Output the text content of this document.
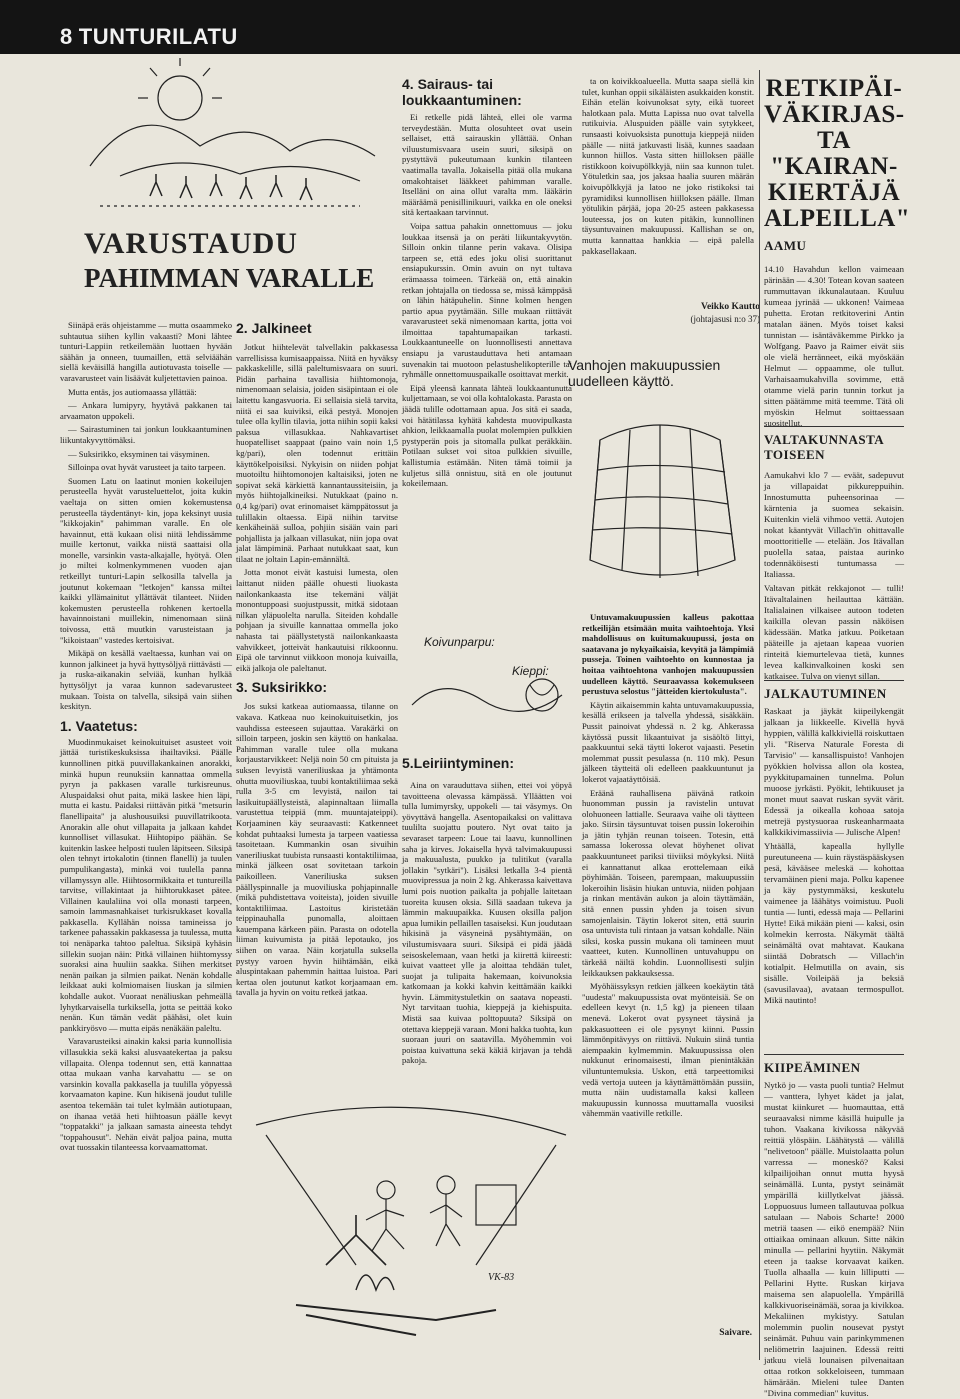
8 TUNTURILATU
VARUSTAUDU
PAHIMMAN VARALLE

Siinäpä eräs ohjeistamme — mutta osaammeko suhtautua siihen kyllin vakaasti? Moni lähtee tunturi-Lappiin retkeilemään luottaen hyvään säähän ja onneen, tuumaillen, että selviäähän siellä keväisillä hangilla autiotuvasta toiselle — varavarusteet vain lisäävät kuljetettavien painoa.

Mutta entäs, jos autiomaassa yllättää:

— Ankara lumipyry, hyytävä pakkanen tai arvaamaton uppokeli.

— Sairastuminen tai jonkun loukkaantuminen liikuntakyvyttömäksi.

— Suksirikko, eksyminen tai väsyminen.

Silloinpa ovat hyvät varusteet ja taito tarpeen.

Suomen Latu on laatinut monien kokeilujen perusteella hyvät varusteluettelot, joita kukin vaeltaja on sitten omien kokemustensa perusteella täydentänyt- kin, jopa keksinyt uusia "kikkojakin" pahimman varalle. En ole havainnut, että kukaan olisi niitä lehdissämme muille kertonut, vaikka niistä saattaisi olla monelle, varsinkin vasta-alkajalle, hyötyä. Olen jo miltei kolmenkymmenen vuoden ajan retkeillyt tunturi-Lapin selkosilla talvella ja joutunut kokemaan "letkojen" kanssa miltei kaikki yllämainitut yllättävät tilanteet. Niiden kokemusten perusteella rohkenen kertoella havainnoistani muillekin, nimenomaan siinä toivossa, että muutkin varusteistaan ja "kikoistaan" vastedes kertoisivat.

Mikäpä on kesällä vaeltaessa, kunhan vai on kunnon jalkineet ja hyvä hyttysöljyä riittävästi — ja ruska-aikanakin selviää, kunhan hylkää hyttysöljyt ja varaa kunnon sadevarusteet mukaan. Toista on talvella, siksipä vain siihen keskityn.

1. Vaatetus:

Muodinmukaiset keinokuituiset asusteet voit jättää turistikeskuksissa ihailtaviksi. Päälle kunnollinen pitkä puuvillakankainen anorakki, minkä hupun reunuksiin kannattaa ommella pyryn ja pakkasen varalle turkisreunus. Aluspaidaksi ohut paita, mikä laskee hien läpi, mutta ei kastu. Paidaksi riittävän pitkä "metsurin flanellipaita" ja alushousuiksi puuvillatrikoota. Anorakin alle ohut villapaita ja jalkaan kahdet kunnolliset villasukat. Hiihtopipo päähän. Se kuitenkin laskee helposti tuulen läpitseen. Siksipä olen tehnyt irtokalotin (tinnen flanelli) ja tuulen pumpulikangasta), minkä voi tuulella panna villamyssyn alle. Hiihtosormikkaita et tuntureilla tarvitse, villakintaat ja hiihtorukkaset pätee. Villainen kaulaliina voi olla monasti tarpeen, samoin lammasnahkaiset turkisrukkaset kovalla pakkasella. Kyllähän noissa tamineissa jo tarkenee pahassakin pakkasessa ja tuulessa, mutta toi nenäparka tahtoo paleltua. Siksipä kyhäsin sillekin suojan näin: Pitkä villainen hiihtomyssy suoraksi aina huuliin saakka. Siihen merkitset nenän paikan ja silmien paikat. Nenän kohdalle leikkaat auki kolmiomaisen liuskan ja silmien kohdalle aukot. Vuoraat nenäliuskan pehmeällä lyhytkarvaisella turkiksella, jotta se peittää koko nenän. Kun tämän vedät päähäsi, olet kuin pankkiryösvo — mutta eipäs nenäkään paleltu.

Varavarusteiksi ainakin kaksi paria kunnollisia villasukkia sekä kaksi alusvaatekertaa ja paksu villapaita. Olenpa todennut sen, että kannattaa ottaa mukaan vanha karvahattu — se on varsinkin kovalla pakkasella ja tuulilla yöpyessä korvaamaton kapine. Kun hikisenä joudut tulille asentoa tekemään tai tulet kylmään autiotupaan, on ihanaa vetää heti hiihtoasun päälle kevyt "toppatakki" ja jalkaan samasta aineesta tehdyt "toppahousut". Nehän eivät paljoa paina, mutta ovat tuossakin tilanteessa korvaamattomat.

2. Jalkineet

Jotkut hiihtelevät talvellakin pakkasessa varrellisissa kumisaappaissa. Niitä en hyväksy pakkaskelille, sillä paleltumisvaara on suuri. Pidän parhaina tavallisia hiihtomonoja, nimenomaan selaisia, joiden sisäpintaan ei ole laitettu kangasvuoria. Ei sellaisia sielä tarvita, niitä ei saa kuiviksi, eikä pestyä. Monojen tulee olla kyllin tilavia, jotta niihin sopii kaksi paksua villasukkaa. Nahkavartiset huopatelliset saappaat (paino vain noin 1,5 kg/pari), olen todennut erittäin käyttökelpoisiksi. Nykyisin on niiden pohjat muotoiltu hiihtomonojen kaltaisiksi, joten ne sopivat sekä kärkiettä kannantaussiteisiin, ja myös hiihtojalkineiksi. Nutukkaat (paino n. 0,4 kg/pari) ovat erinomaiset kämppätossut ja tulillakin oltaessa. Eipä niihin tarvitse kenkäheinää sulloa, pohjiin sisään vain pari pohjallista ja jalkaan villasukat, niin jopa ovat jalat lämpiminä. Parhaat nutukkaat saat, kun tilaat ne joltain Lapin-emännältä.

Jotta monot eivät kastuisi lumesta, olen laittanut niiden päälle ohuesti liuokasta nailonkankaasta itse tekemäni väljät monontuppoasi suojustpussit, mitkä sidotaan nilkan yläpuolelta narulla. Siteiden kohdalle pohjaan ja sivuille kannattaa ommella joko nahasta tai päällystetystä nailonkankaasta vahvikkeet, jotteivät hankautuisi rikkoonnu. Eipä ole tarvinnut viikkoon monoja kuivailla, eikä jalkoja ole paleltanut.

3. Suksirikko:

Jos suksi katkeaa autiomaassa, tilanne on vakava. Katkeaa nuo keinokuituisetkin, jos vauhdissa esteeseen sujauttaa. Varakärki on silloin tarpeen, joskin sen käyttö on hankalaa. Pahimman varalle tulee olla mukana korjaustarvikkeet: Neljä noin 50 cm pituista ja suksen levyistä vaneriliuskaa ja yhtämonta ohutta muoviliuskaa, tuubi kontaktiliimaa sekä rulla 3-5 cm levyistä, nailon tai lasikuitupäällysteistä, alapinnaltaan liimalla varustettua teippiä (mm. muuntajateippi). Korjaaminen käy seuraavasti: Katkenneet kohdat puhtaaksi lumesta ja tarpeen vaatiessa tasoitetaan. Kummankin osan sivuihin vaneriliuskat tuubista runsaasti kontaktiliimaa, minkä jälkeen osat sovitetaan tarkoin paikoilleen. Vaneriliuska suksen päällyspinnalle ja muoviliuska pohjapinnalle (mikä puhdistettava voiteista), joiden sivuille kontaktiliimaa. Lastoitus kiristetään teippinauhalla punomalla, aloittaen kauempana kärkeen päin. Parasta on odotella liiman kuivumista ja pitää lepotauko, jos siihen on varaa. Näin korjatulla suksella pystyy varoen hyvin hiihtämään, eikä aluspintakaan pahemmin haittaa luistoa. Pari kertaa olen joutunut katkot korjaamaan em. tavalla ja hyvin on voitu retkeä jatkaa.

VK-83
4. Sairaus- tai loukkaantuminen:

Ei retkelle pidä lähteä, ellei ole varma terveydestään. Mutta olosuhteet ovat usein sellaiset, että sairauskin yllättää. Onhan viluustumisvaara usein suuri, siksipä on pystyttävä pukeutumaan kunkin tilanteen vaatimalla tavalla. Jokaisella pitää olla mukana omakohtaiset lääkkeet pahimman varalle. Itselläni on aina ollut varalta mm. lääkärin määräämä penisillinikuuri, vaikka en ole oneksi sitä kertaakaan tarvinnut.

Voipa sattua pahakin onnettomuus — joku loukkaa itsensä ja on peräti liikuntakyvytön. Silloin onkin tilanne perin vakava. Olisipa tarpeen se, että edes joku olisi suorittanut ensiapukurssin. Omin avuin on nyt tultava erämaassa toimeen. Tärkeää on, että ainakin retkan johtajalla on tiedossa se, missä kämppäsä on lähin hätäpuhelin. Sinne kolmen hengen partio apua pyytämään. Sille mukaan riittävät varavarusteet sekä nimenomaan kartta, jotta voi ilmoittaa tapahtumapaikan tarkasti. Loukkaantuneelle on luonnollisesti annettava ensiapu ja varustauduttava heti antamaan suvenakin tai muotoon pelastushelikopterille tai ryhmälle onnettomuuspaikalle osoittavat merkit.

Eipä yleensä kannata lähteä loukkaantunutta kuljettamaan, se voi olla kohtalokasta. Parasta on jäädä tulille odottamaan apua. Jos sitä ei saada, voi hätätilassa kyhätä kahdesta muovipulkasta ahkion, leikkaamalla puolat molempien pulkkien pystyperän pois ja sitomalla pulkat peräkkäin. Potilaan sukset voi sitoa pulkkien sivuille, kallistumia estämään. Niten tämä toimii ja kuljetus sillä onnistuu, sitä en ole joutunut kokeilemaan.

ta on koivikkoalueella. Mutta saapa siellä kin tulet, kunhan oppii sikäläisten asukkaiden konstit. Eihän etelän koivunoksat syty, eikä tuoreet halotkaan pala. Mutta Lapissa nuo ovat talvella rutikuivia. Aluspuiden päälle vain sytykkeet, runsaasti koivuoksista punottuja kieppejä niiden päälle — niitä jatkuvasti lisää, kunnes saadaan kunnon hiillos. Vasta sitten hiilloksen päälle ristikkoon koivupölkkyjä, niin saa kunnon tulet. Yötuletkin saa, jos jaksaa haalia suuren määrän koivupölkkyjä ja latoo ne joko ristikoksi tai pyramidiksi kunnollisen hiilloksen päälle. Ilman yötulikin pärjää, jopa 20-25 asteen pakkasessa louteessa, jos on kuten pitäkin, kunnollinen täysuntuvainen makuupussi. Kallishan se on, mutta kannattaa hankkia — eipä palella pakkasellakaan.

Veikko Kautto
(johtajasusi n:o 37)
Vanhojen makuupussien
uudelleen käyttö.
Koivunparpu:
Kieppi:
5.Leiriintyminen:

Aina on varauduttava siihen, ettei voi yöpyä tavoitteena olevassa kämpässä. Ylläätten voi tulla lumimyrsky, uppokeli — tai väsymys. On yövyttävä hangella. Asentopaikaksi on valittava tuulilta suojattu poutero. Nyt ovat taito ja sevaraset tarpeen: Loue tai laavu, kunnollinen saha ja kirves. Jokaisella hyvä talvimakuupussi ja makuualusta, puukko ja tulitikut (varalla jollakin "sytkäri"). Lisäksi letkalla 3-4 pientä muovipressua ja noin 2 kg. Ahkerassa kaivettava lumi pois nuotion paikalta ja pohjalle laitetaan tuoreita kuusen oksia. Sillä saadaan tukeva ja lämmin makuupaikka. Kuusen oksilla paljon apua lumikin pellaillen tasaiseksi. Kun joudutaan hikisinä ja väsyneinä pysähtymään, on vilustumisvaara suuri. Siksipä ei pidä jäädä seisoskelemaan, vaan hetki ja kiirettä kiireesti: kuivat vaatteet ylle ja aloittaa tehdään tulet, suojat ja tulipaita hakemaan, koivunoksia katkomaan ja kokki kahvin keittämään kaikki hyvin. Lämmitystuletkin on saatava nopeasti. Nyt tarvitaan tuohia, kieppejä ja kiehispuita. Mistä saa kuivaa polttopuuta? Siksipä on otettava kieppejä varaan. Moni hakka tuohta, kun suoraan juuri on saatavilla. Myöhemmin voi poistaa kuivattuna sekä käkiä kirjavan ja tehdä pakoja.

Untuvamakuupussien kalleus pakottaa retkeilijän etsimään muita vaihtoehtoja. Yksi mahdollisuus on kuitumakuupussi, josta on saatavana jo nykyaikaisia, kevyitä ja lämpimiä pusseja. Toinen vaihtoehto on kunnostaa ja hoitaa vaihtoehtona vanhojen makuupussien uudelleen käyttö. Seuraavassa kokemukseen perustuva selostus "jätteiden kiertokulusta".

Käytin aikaisemmin kahta untuvamakuupussia, kesällä erikseen ja talvella yhdessä, sisäkkäin. Pussit painoivat yhdessä n. 2 kg. Ahkerassa käytössä pussit likaantuivat ja sisäöltö littyi, paakkuuntui sekä täytti lokerot vajaasti. Pesetin molemmat pussit pesulassa (n. 110 mk). Pesun jälkeen täytteitä oli edelleen paakkuuntunut ja lokerot vajaatäyttöisiä.

Eräänä rauhallisena päivänä ratkoin huonomman pussin ja ravistelin untuvat olohuoneen lattialle. Seuraava vaihe oli täytteen jako. Siirsin täysuntuvat toisen pussin lokeroihin ja jätin tyhjän reunan toiseen. Totesin, että samassa lokerossa olevat höyhenet olivat paakkuuntuneet pariksi tiiviiksi möykyksi. Niitä ei kannattanut alkaa erottelemaan eikä pöyhimään. Toiseen, parempaan, makuupussiin lokeroihin lisäsin hiukan untuvia, niiden pohjaan ja rinkan mentävän aukon ja aloin täyttämään, sitä ennen pussin yhden ja toisen sivun samojenlaisin. Täytin lokerot siten, että suurin osa untuvista tuli rintaan ja vatsan kohdalle. Näin siksi, koska pussin mukana oli tamineen muut vaatteet, kuten. Kunnollinen untuvahuppu on tärkeää näiltä kohdin. Luonnollisesti suljin leikkauksen pakkauksessa.

Myöhäissyksyn retkien jälkeen koekäytin tätä "uudesta" makuupussista ovat myönteisiä. Se on edelleen kevyt (n. 1,5 kg) ja pieneen tilaan menevä. Lokerot ovat pysyneet täysinä ja pakkasuotteen ei ole pysynyt kiinni. Pussin lämmönpitävyys on riittävä. Nukuin siinä tuntia aiempaakin kylmemmin. Makuupussissa olen nukkunut erinomaisesti, ilman pienintäkään viluntuntemuksia. Uskon, että tarpeettomiksi vedä vertoja uuteen ja käyttämättömään pussiin, mutta näin uudistamalla kaksi kalleen makuupussin kunnossa muuttamalla vuosiksi vähemmän vaativille retkille.

Saivare.
RETKIPÄI-
VÄKIRJAS-
TA "KAIRAN-
KIERTÄJÄ
ALPEILLA"
AAMU

14.10 Havahdun kellon vaimeaan pärinään — 4.30! Totean kovan saateen rummuttavan ikkunalautaan. Kuuluu kumeaa jyrinää — ukkonen! Vaimeaa puhetta. Erotan retkitoverini Antin matalan äänen. Myös toiset kaksi tunnistan — isäntäväkemme Pirkko ja Wolfgang. Paavo ja Raimer eivät siis ole vielä herränneet, eikä myöskään Helmut — oppaamme, ole tullut. Varhaisaamukahvilla sovimme, että otamme vielä parin tunnin torkut ja sitten päätämme mitä teemme. Tätä oli myöskin Helmut soittaessaan suositellut.

VALTAKUNNASTA TOISEEN

Aamukahvi klo 7 — eväät, sadepuvut ja villapaidat pikkureppuihin. Innostumutta puheensorinaa — kärntenia ja suomea sekaisin. Kuitenkin vielä vihmoo vettä. Autojen nokat käantyvät Villach'in ohittavalle moottoritielle — etelään. Jos Itävallan puolella sataa, paistaa aurinko todennäköisesti tuntumassa — Italiassa.

Valtavan pitkät rekkajonot — tulli! Itävaltalainen heilauttaa kättään. Italialainen vilkaisee autoon todeten kaikilla olevan passin näköisen kädessään. Matka jatkuu. Poiketaan pääteille ja ajetaan kapeaa vuorien rinteitä kiemurtelevaa tietä, kunnes levea kalkinvalkoinen koski sen katkaisee. Tulva on vienyt sillan.

JALKAUTUMINEN

Raskaat ja jäykät kiipeilykengät jalkaan ja liikkeelle. Kivellä hyvä hyppien, välillä kalkkiviellä roiskuttaen yli. "Riserva Naturale Foresta di Tarvisio" — kansallispuisto! Vanhojen pyökkien holvissa allon ola kostea, pyykkitupamainen tunnelma. Polun muoose jyrkästi. Pyökit, lehtikuuset ja monet muut saavat ruskan syvät värit. Edessä ja oikealla kohoaa satoja metrejä pystysuoraa ruskeanharmaata kalkkikivimassiivia — Julische Alpen!

Yhtäällä, kapealla hyllylle pureutuneena — kuin räystäspääskysen pesä, kävääsee meleskä — kohottaa tervamäinen pieni maja. Polku kapenee ja käy pystymmäksi, keskutelu vaimenee ja läähätys voimistuu. Puoli tuntia — lunti, edessä maja — Pellarini Hytte! Eikä mikään pieni — kaksi, osin kolmekin kerrosta. Näkymät täältä seinämältä ovat mahtavat. Kaukana siintää Dobratsch — Villach'in kotialpit. Helmutilla on avain, sis sisälle. Voileipää ja beksiä (savusilavaa), avataan termospullot. Mikä nautinto!

KIIPEÄMINEN

Nytkö jo — vasta puoli tuntia? Helmut — vanttera, lyhyet kädet ja jalat, mustat kiinkuret — huomauttaa, että seuraavaksi nimme käsillä huipulle ja tuhon. Vaakana kivikossa näkyvää reittiä ylöspäin. Läähätystä — välillä "nelivetoon" päälle. Muistolaatta polun varressa — moneskö? Kaksi kilpailijoihan onnut mutta hyysä seinämällä. Lunta, pystyt seinämät ympärillä kiillytkelvat jäässä. Loppuosuus lumeen tallautuvaa polkua satulaan — Nabois Scharte! 2000 metriä taasen — eikö enempää? Niin ottiaikaa ominaan alkuun. Sitte näkin minulla — pellarini hyytiin. Näkymät eteen ja taakse korvaavat kaiken. Tuolla alhaalla — kuin lilliputti — Pellarini Hytte. Ruskan kirjava maisema sen alapuolella. Ympärillä kalkkivuoriseinämää, soraa ja kivikkoa. Mekaliinen mykistyy. Satulan molemmin puolin nousevat pystyt seinämät. Puhuu vain parinkymmenen neliömetrin laajuinen. Edessä reitti jatkuu vielä lounaisen pilvenaitaan ottaa rotkon sokkeloiseen, tummaan hämärään. Mieleni tulee Danten "Divina commedian" kuvitus.
